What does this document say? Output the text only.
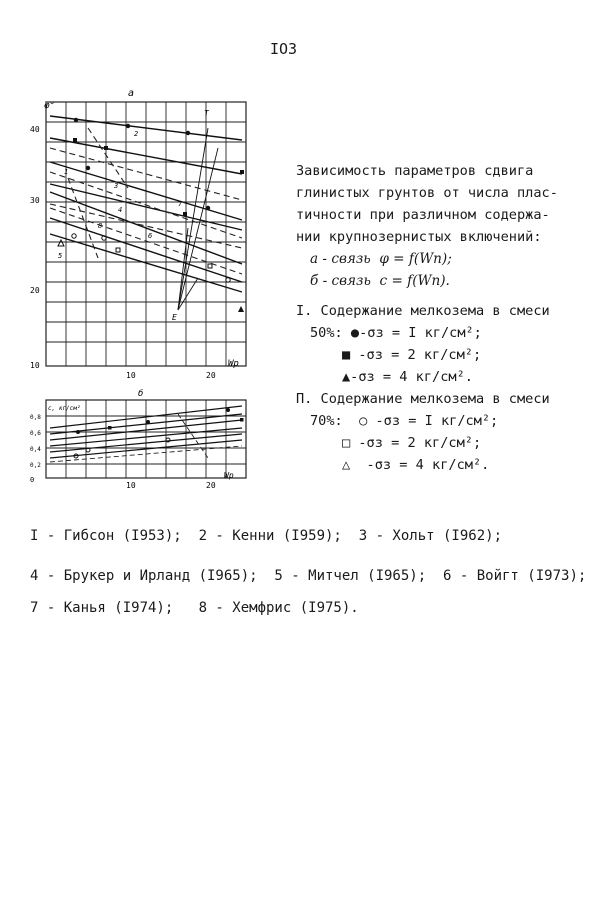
IO3
а
φ°
10
20
30
40
10	20
Wp
T
E
2
1
3
4
5
6
7
8
б
с, кг/см²
0
0,2
0,4
0,6
0,8
10	20
Wp
Зависимость параметров сдвига
глинистых грунтов от числа плас-
тичности при различном содержа-
нии крупнозернистых включений:
а - связь  φ = f(Wп);
б - связь  c = f(Wп).
I. Содержание мелкозема в смеси
50%: ●-σз = I кг/см²;
■ -σз = 2 кг/см²;
▲-σз = 4 кг/см².
П. Содержание мелкозема в смеси
70%:  ○ -σз = I кг/см²;
□ -σз = 2 кг/см²;
△  -σз = 4 кг/см².
I - Гибсон (I953);  2 - Кенни (I959);  3 - Хольт (I962);
4 - Брукер и Ирланд (I965);  5 - Митчел (I965);  6 - Войгт (I973);
7 - Канья (I974);   8 - Хемфрис (I975).
